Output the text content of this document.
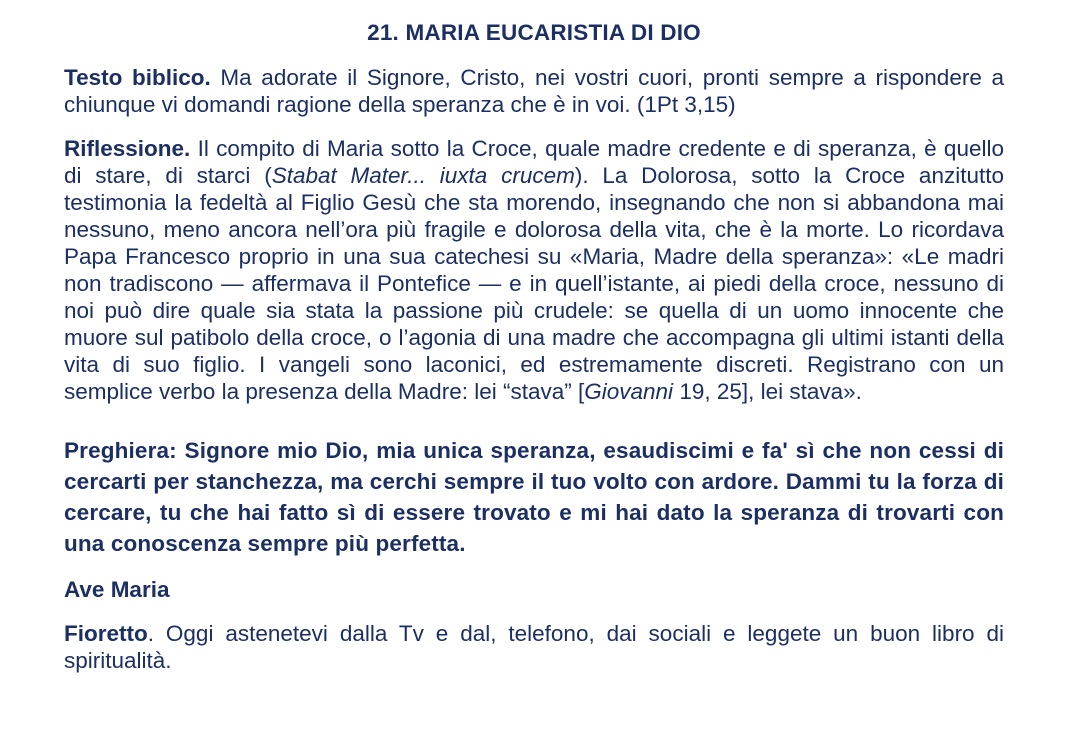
21. MARIA EUCARISTIA DI DIO

Testo biblico. Ma adorate il Signore, Cristo, nei vostri cuori, pronti sempre a rispondere a chiunque vi domandi ragione della speranza che è in voi. (1Pt 3,15)

Riflessione. Il compito di Maria sotto la Croce, quale madre credente e di speranza, è quello di stare, di starci (Stabat Mater... iuxta crucem). La Dolorosa, sotto la Croce anzitutto testimonia la fedeltà al Figlio Gesù che sta morendo, insegnando che non si abbandona mai nessuno, meno ancora nell’ora più fragile e dolorosa della vita, che è la morte. Lo ricordava Papa Francesco proprio in una sua catechesi su «Maria, Madre della speranza»: «Le madri non tradiscono — affermava il Pontefice — e in quell’istante, ai piedi della croce, nessuno di noi può dire quale sia stata la passione più crudele: se quella di un uomo innocente che muore sul patibolo della croce, o l’agonia di una madre che accompagna gli ultimi istanti della vita di suo figlio. I vangeli sono laconici, ed estremamente discreti. Registrano con un semplice verbo la presenza della Madre: lei “stava” [Giovanni 19, 25], lei stava».

Preghiera: Signore mio Dio, mia unica speranza, esaudiscimi e fa' sì che non cessi di cercarti per stanchezza, ma cerchi sempre il tuo volto con ardore. Dammi tu la forza di cercare, tu che hai fatto sì di essere trovato e mi hai dato la speranza di trovarti con una conoscenza sempre più perfetta.

Ave Maria

Fioretto. Oggi astenetevi dalla Tv e dal, telefono, dai sociali e leggete un buon libro di spiritualità.
